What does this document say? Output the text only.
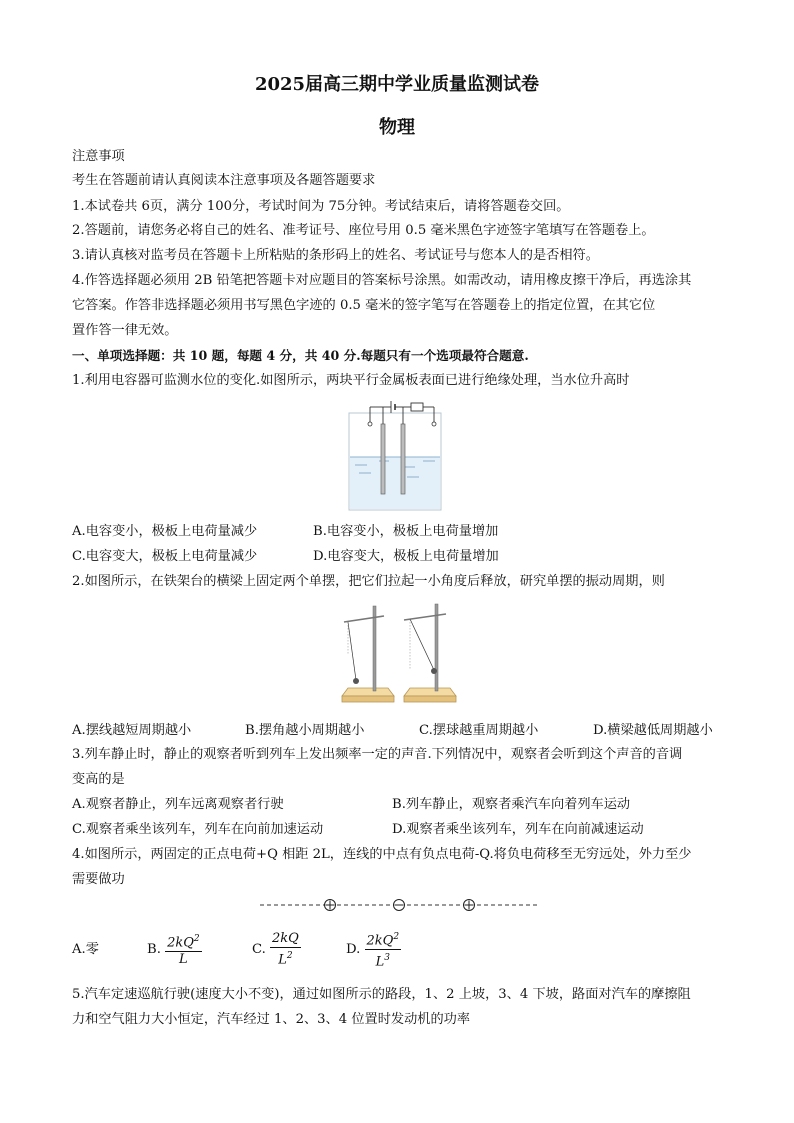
2025届高三期中学业质量监测试卷
物理
注意事项
考生在答题前请认真阅读本注意事项及各题答题要求
1.本试卷共 6页，满分 100分，考试时间为 75分钟。考试结束后，请将答题卷交回。
2.答题前，请您务必将自己的姓名、准考证号、座位号用 0.5 毫米黑色字迹签字笔填写在答题卷上。
3.请认真核对监考员在答题卡上所粘贴的条形码上的姓名、考试证号与您本人的是否相符。
4.作答选择题必须用 2B 铅笔把答题卡对应题目的答案标号涂黑。如需改动，请用橡皮擦干净后，再选涂其
它答案。作答非选择题必须用书写黑色字迹的 0.5 毫米的签字笔写在答题卷上的指定位置，在其它位
置作答一律无效。
一、单项选择题：共 10 题，每题 4 分，共 40 分.每题只有一个选项最符合题意.
1.利用电容器可监测水位的变化.如图所示，两块平行金属板表面已进行绝缘处理，当水位升高时
A.电容变小，极板上电荷量减少	B.电容变小，极板上电荷量增加
C.电容变大，极板上电荷量减少	D.电容变大，极板上电荷量增加
2.如图所示，在铁架台的横梁上固定两个单摆，把它们拉起一小角度后释放，研究单摆的振动周期，则
A.摆线越短周期越小	B.摆角越小周期越小	C.摆球越重周期越小	D.横梁越低周期越小
3.列车静止时，静止的观察者听到列车上发出频率一定的声音.下列情况中，观察者会听到这个声音的音调
变高的是
A.观察者静止，列车远离观察者行驶	B.列车静止，观察者乘汽车向着列车运动
C.观察者乘坐该列车，列车在向前加速运动	D.观察者乘坐该列车，列车在向前减速运动
4.如图所示，两固定的正点电荷+Q 相距 2L，连线的中点有负点电荷-Q.将负电荷移至无穷远处，外力至少
需要做功
A.零	B. $\frac{2kQ^2}{L}$	C. $\frac{2kQ}{L^2}$	D. $\frac{2kQ^2}{L^3}$
5.汽车定速巡航行驶(速度大小不变)，通过如图所示的路段，1、2 上坡，3、4 下坡，路面对汽车的摩擦阻
力和空气阻力大小恒定，汽车经过 1、2、3、4 位置时发动机的功率
